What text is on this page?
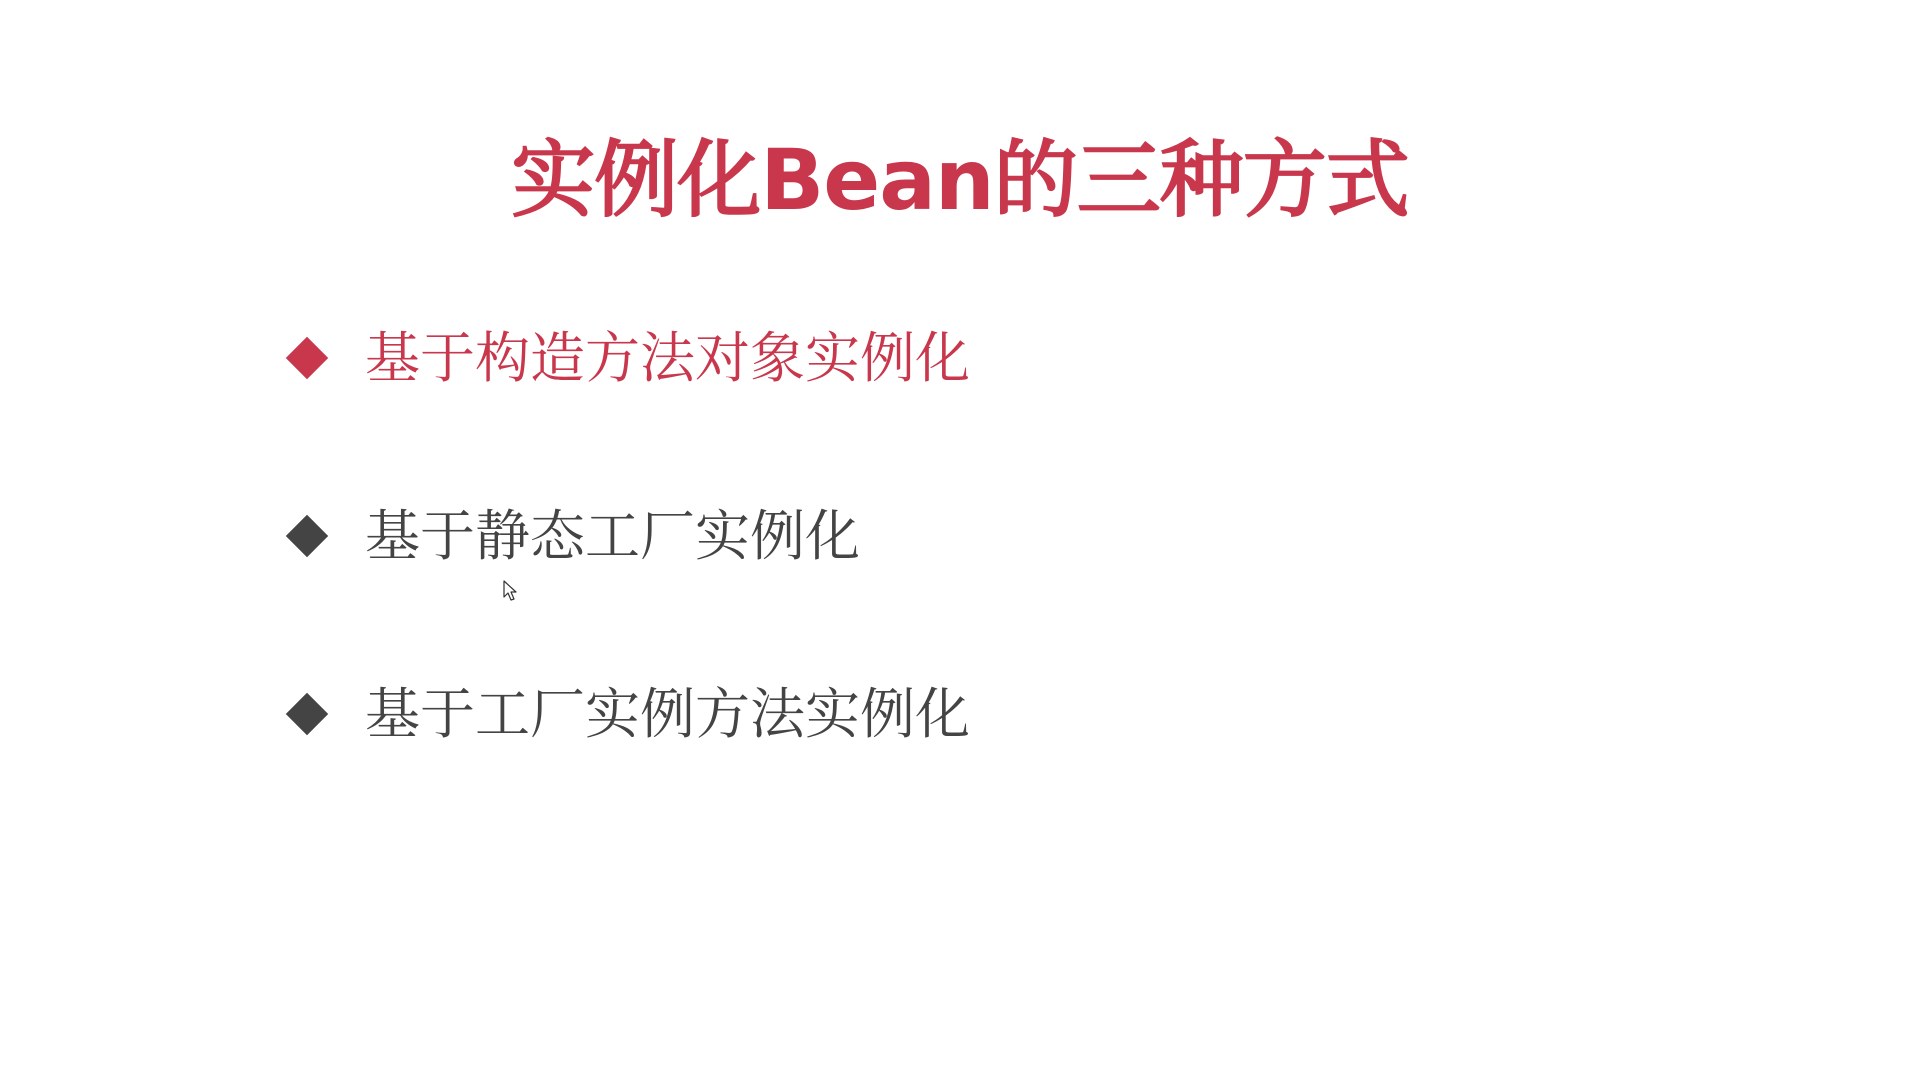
实例化Bean的三种方式
基于构造方法对象实例化
基于静态工厂实例化
基于工厂实例方法实例化
